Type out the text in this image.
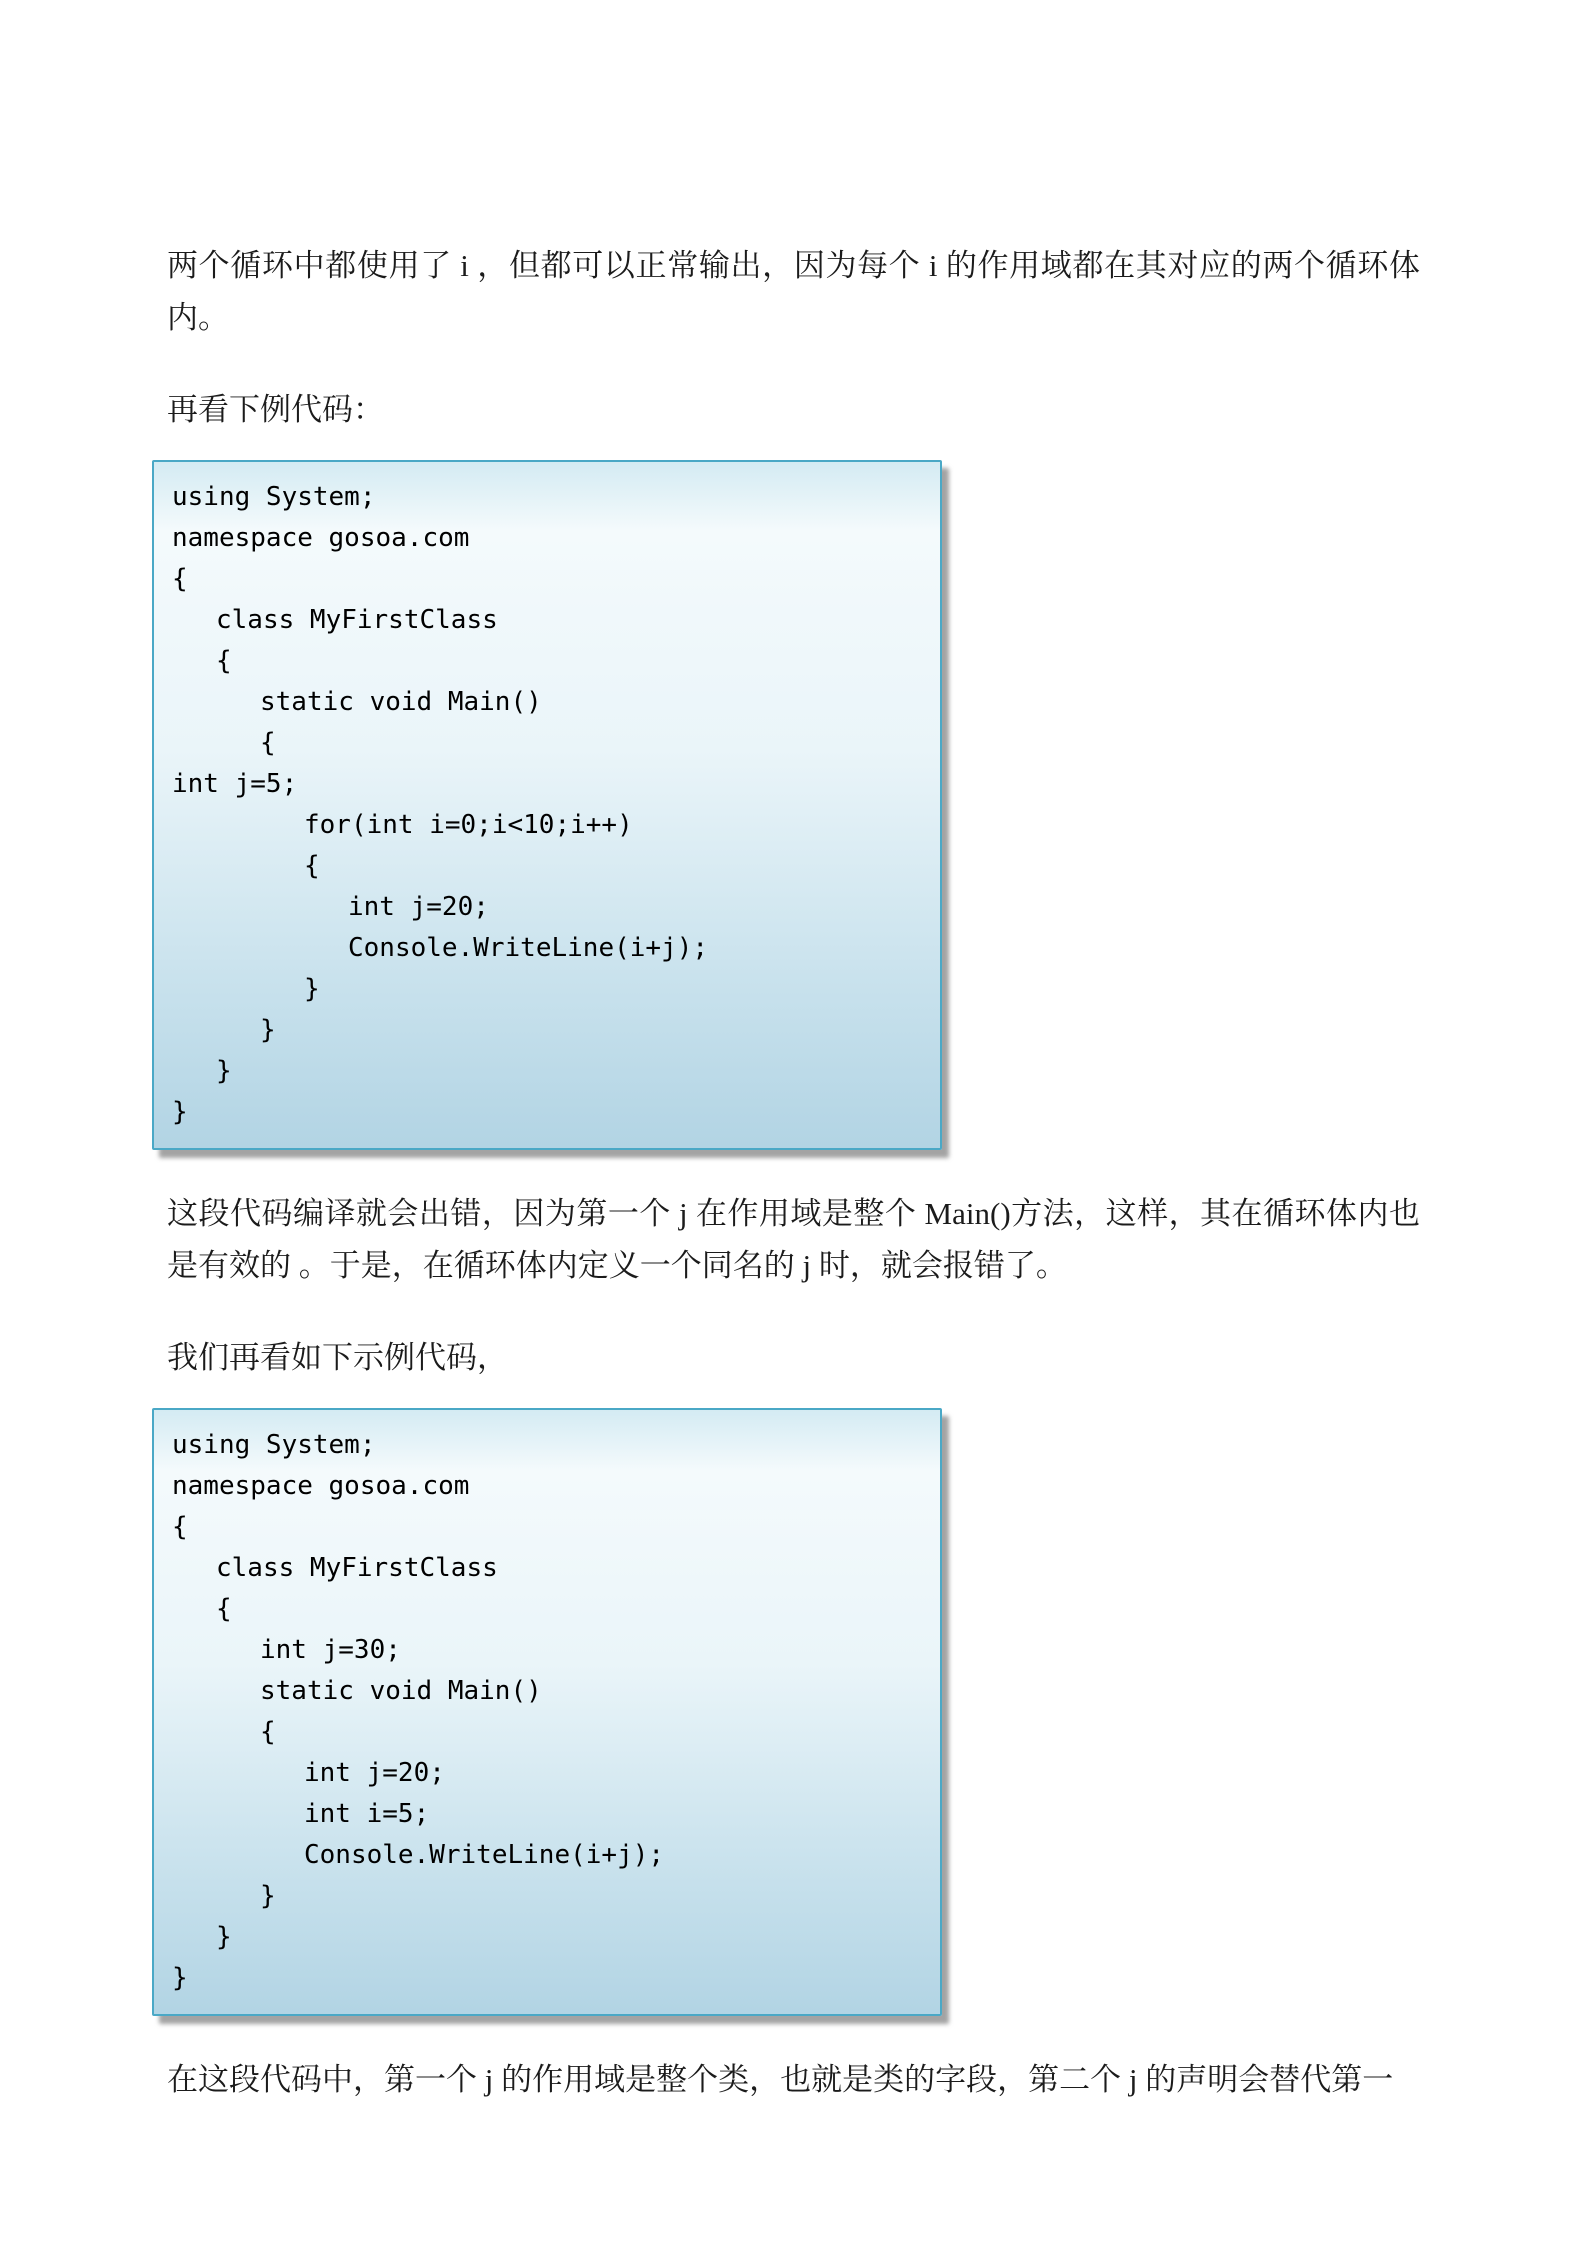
两个循环中都使用了 i ，但都可以正常输出，因为每个 i 的作用域都在其对应的两个循环体内。

再看下例代码：

using System;
namespace gosoa.com
{
class MyFirstClass
{
static void Main()
{
int j=5;
for(int i=0;i<10;i++)
{
int j=20;
Console.WriteLine(i+j);
}
}
}
}

这段代码编译就会出错，因为第一个 j 在作用域是整个 Main()方法，这样，其在循环体内也是有效的 。于是，在循环体内定义一个同名的 j 时，就会报错了。

我们再看如下示例代码，

using System;
namespace gosoa.com
{
class MyFirstClass
{
int j=30;
static void Main()
{
int j=20;
int i=5;
Console.WriteLine(i+j);
}
}
}

在这段代码中，第一个 j 的作用域是整个类，也就是类的字段，第二个 j 的声明会替代第一
